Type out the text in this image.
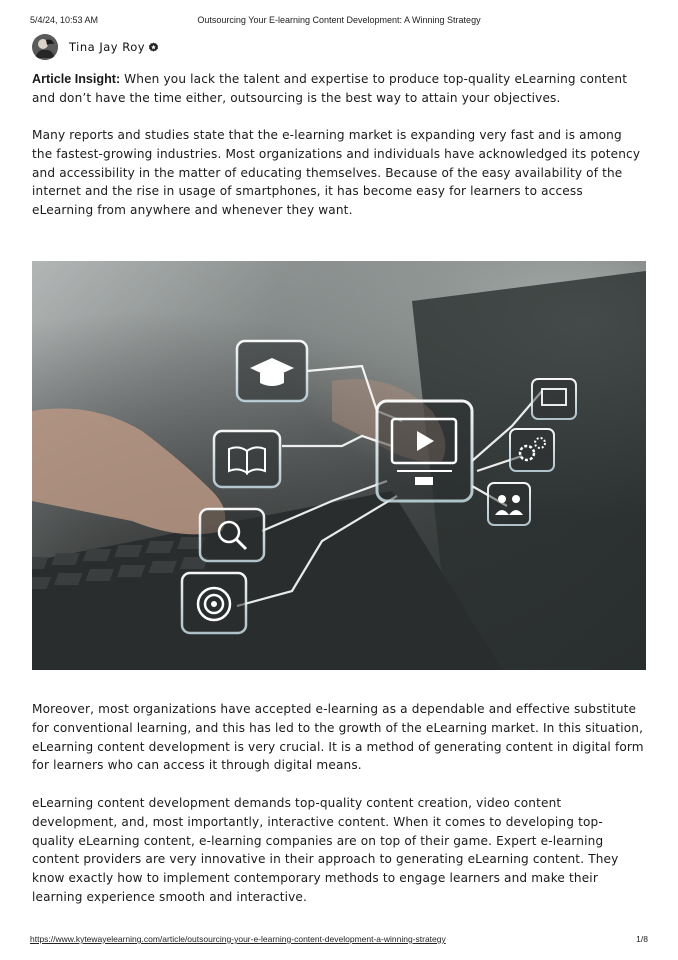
5/4/24, 10:53 AM	Outsourcing Your E-learning Content Development: A Winning Strategy
Tina Jay Roy

Article Insight: When you lack the talent and expertise to produce top-quality eLearning content and don’t have the time either, outsourcing is the best way to attain your objectives.

Many reports and studies state that the e-learning market is expanding very fast and is among the fastest-growing industries. Most organizations and individuals have acknowledged its potency and accessibility in the matter of educating themselves. Because of the easy availability of the internet and the rise in usage of smartphones, it has become easy for learners to access eLearning from anywhere and whenever they want.

Moreover, most organizations have accepted e-learning as a dependable and effective substitute for conventional learning, and this has led to the growth of the eLearning market. In this situation, eLearning content development is very crucial. It is a method of generating content in digital form for learners who can access it through digital means.

eLearning content development demands top-quality content creation, video content development, and, most importantly, interactive content. When it comes to developing top-quality eLearning content, e-learning companies are on top of their game. Expert e-learning content providers are very innovative in their approach to generating eLearning content. They know exactly how to implement contemporary methods to engage learners and make their learning experience smooth and interactive.

https://www.kytewayelearning.com/article/outsourcing-your-e-learning-content-development-a-winning-strategy	1/8
